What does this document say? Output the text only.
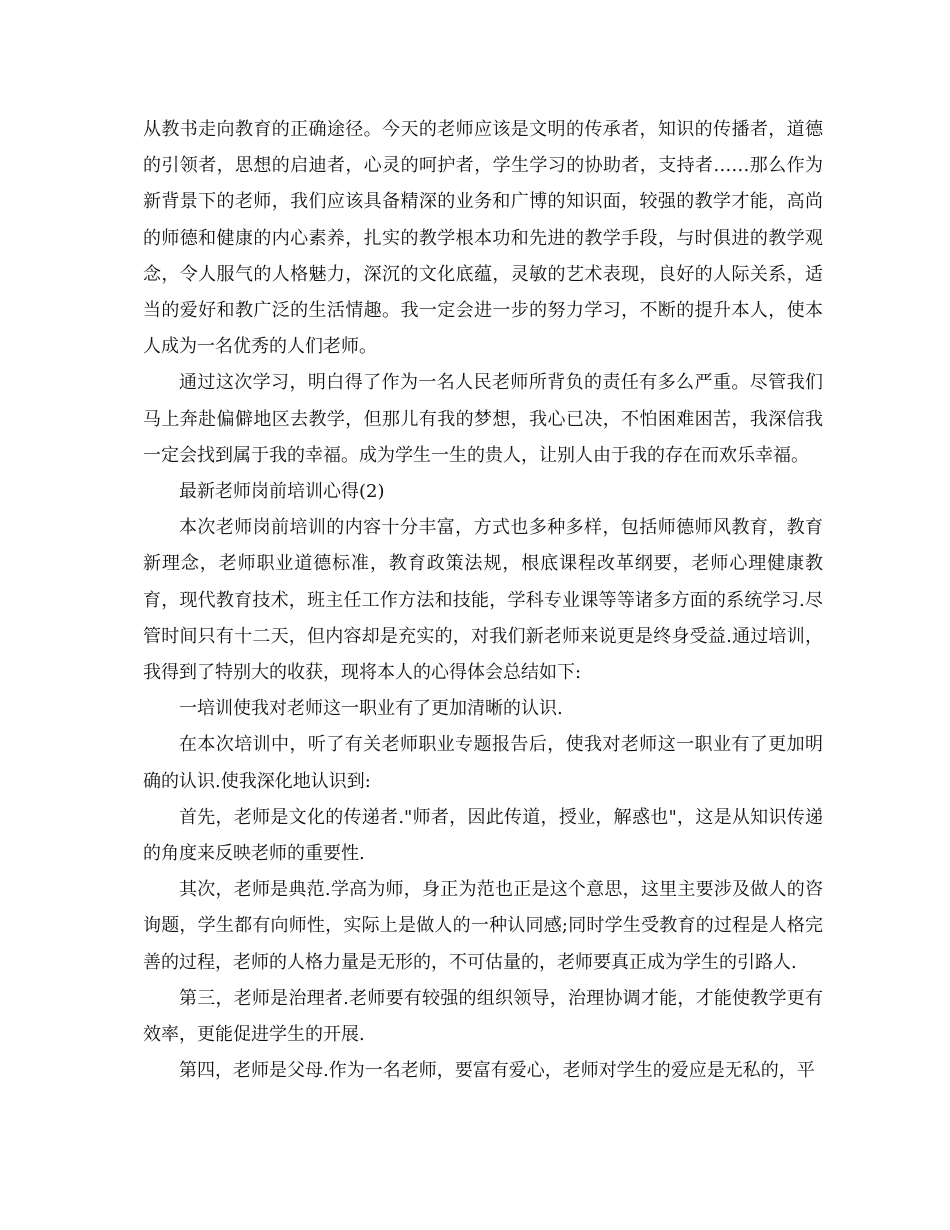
从教书走向教育的正确途径。今天的老师应该是文明的传承者，知识的传播者，道德的引领者，思想的启迪者，心灵的呵护者，学生学习的协助者，支持者……那么作为新背景下的老师，我们应该具备精深的业务和广博的知识面，较强的教学才能，高尚的师德和健康的内心素养，扎实的教学根本功和先进的教学手段，与时俱进的教学观念，令人服气的人格魅力，深沉的文化底蕴，灵敏的艺术表现，良好的人际关系，适当的爱好和教广泛的生活情趣。我一定会进一步的努力学习，不断的提升本人，使本人成为一名优秀的人们老师。

通过这次学习，明白得了作为一名人民老师所背负的责任有多么严重。尽管我们马上奔赴偏僻地区去教学，但那儿有我的梦想，我心已决，不怕困难困苦，我深信我一定会找到属于我的幸福。成为学生一生的贵人，让别人由于我的存在而欢乐幸福。

最新老师岗前培训心得(2)

本次老师岗前培训的内容十分丰富，方式也多种多样，包括师德师风教育，教育新理念，老师职业道德标准，教育政策法规，根底课程改革纲要，老师心理健康教育，现代教育技术，班主任工作方法和技能，学科专业课等等诸多方面的系统学习.尽管时间只有十二天，但内容却是充实的，对我们新老师来说更是终身受益.通过培训，我得到了特别大的收获，现将本人的心得体会总结如下:

一培训使我对老师这一职业有了更加清晰的认识.

在本次培训中，听了有关老师职业专题报告后，使我对老师这一职业有了更加明确的认识.使我深化地认识到:

首先，老师是文化的传递者."师者，因此传道，授业，解惑也"，这是从知识传递的角度来反映老师的重要性.

其次，老师是典范.学高为师，身正为范也正是这个意思，这里主要涉及做人的咨询题，学生都有向师性，实际上是做人的一种认同感;同时学生受教育的过程是人格完善的过程，老师的人格力量是无形的，不可估量的，老师要真正成为学生的引路人.

第三，老师是治理者.老师要有较强的组织领导，治理协调才能，才能使教学更有效率，更能促进学生的开展.

第四，老师是父母.作为一名老师，要富有爱心，老师对学生的爱应是无私的，平
